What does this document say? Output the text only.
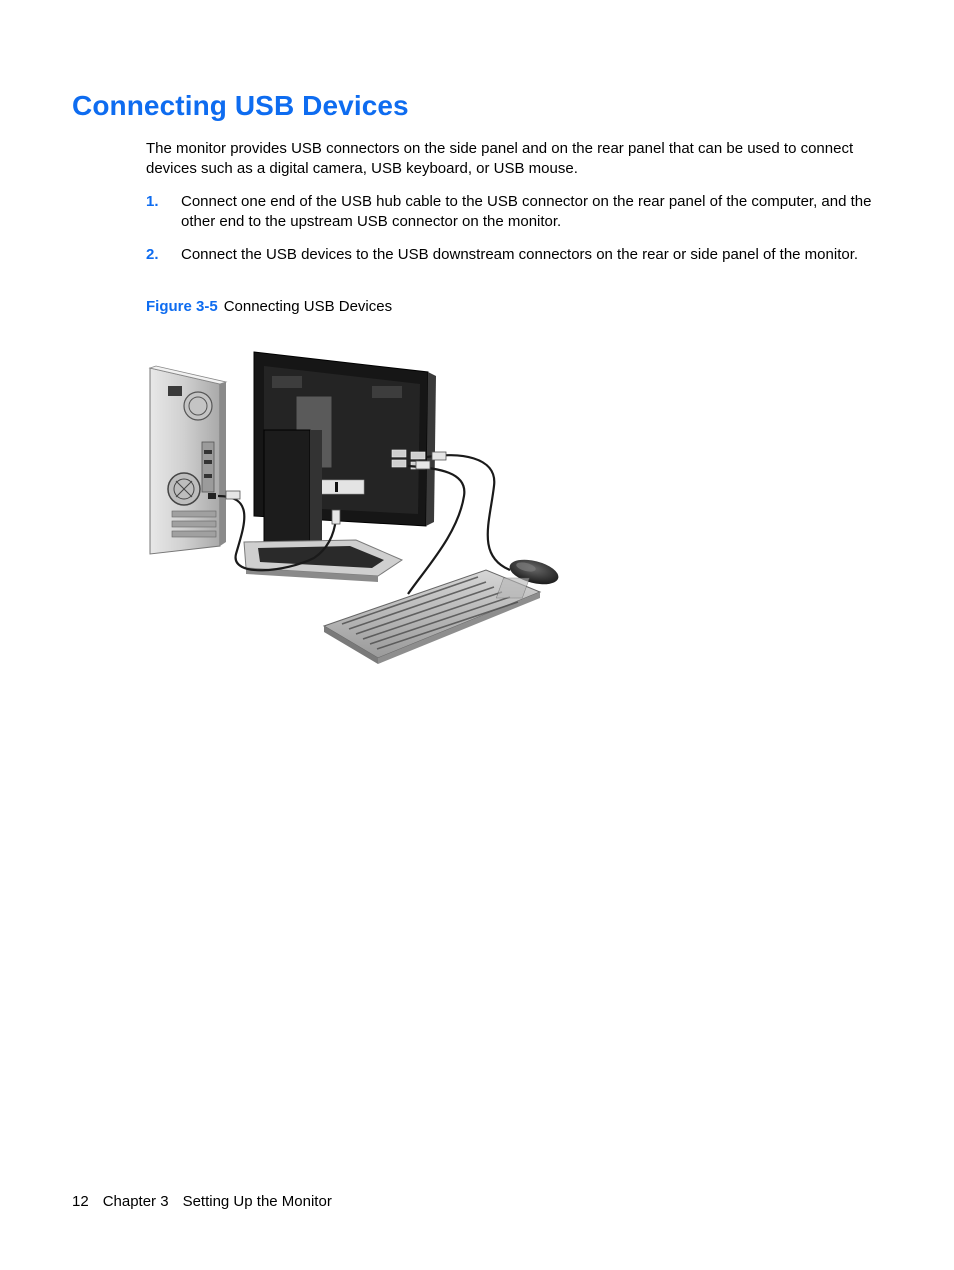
Connecting USB Devices

The monitor provides USB connectors on the side panel and on the rear panel that can be used to connect devices such as a digital camera, USB keyboard, or USB mouse.

1. Connect one end of the USB hub cable to the USB connector on the rear panel of the computer, and the other end to the upstream USB connector on the monitor.
2. Connect the USB devices to the USB downstream connectors on the rear or side panel of the monitor.
Figure 3-5 Connecting USB Devices
12 Chapter 3 Setting Up the Monitor
